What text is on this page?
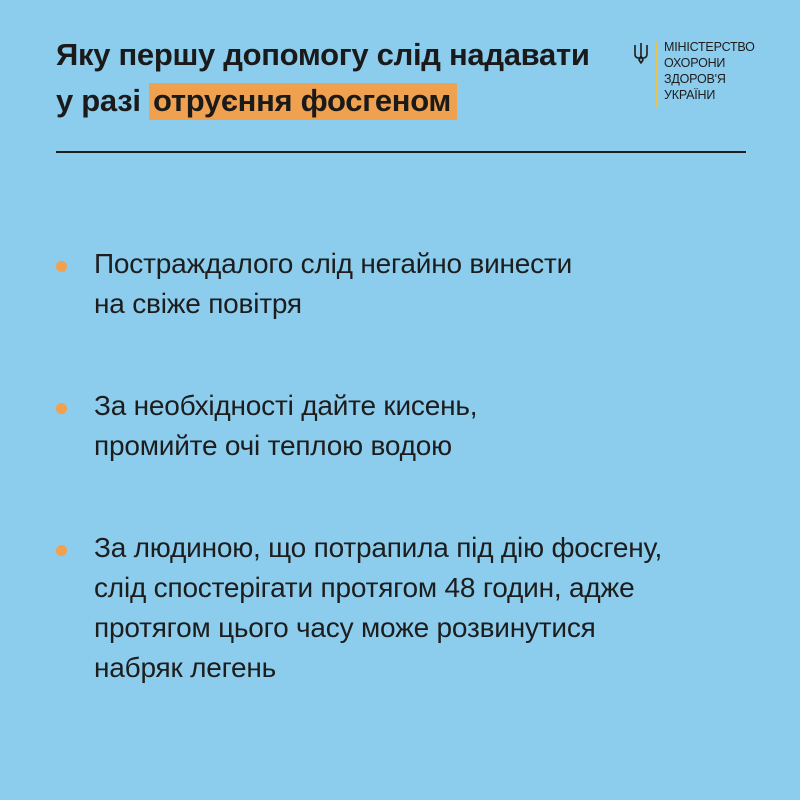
Яку першу допомогу слід надавати
у разі отруєння фосгеном
МІНІСТЕРСТВО
ОХОРОНИ
ЗДОРОВ'Я
УКРАЇНИ
Постраждалого слід негайно винести
на свіже повітря
За необхідності дайте кисень,
промийте очі теплою водою
За людиною, що потрапила під дію фосгену,
слід спостерігати протягом 48 годин, адже
протягом цього часу може розвинутися
набряк легень
